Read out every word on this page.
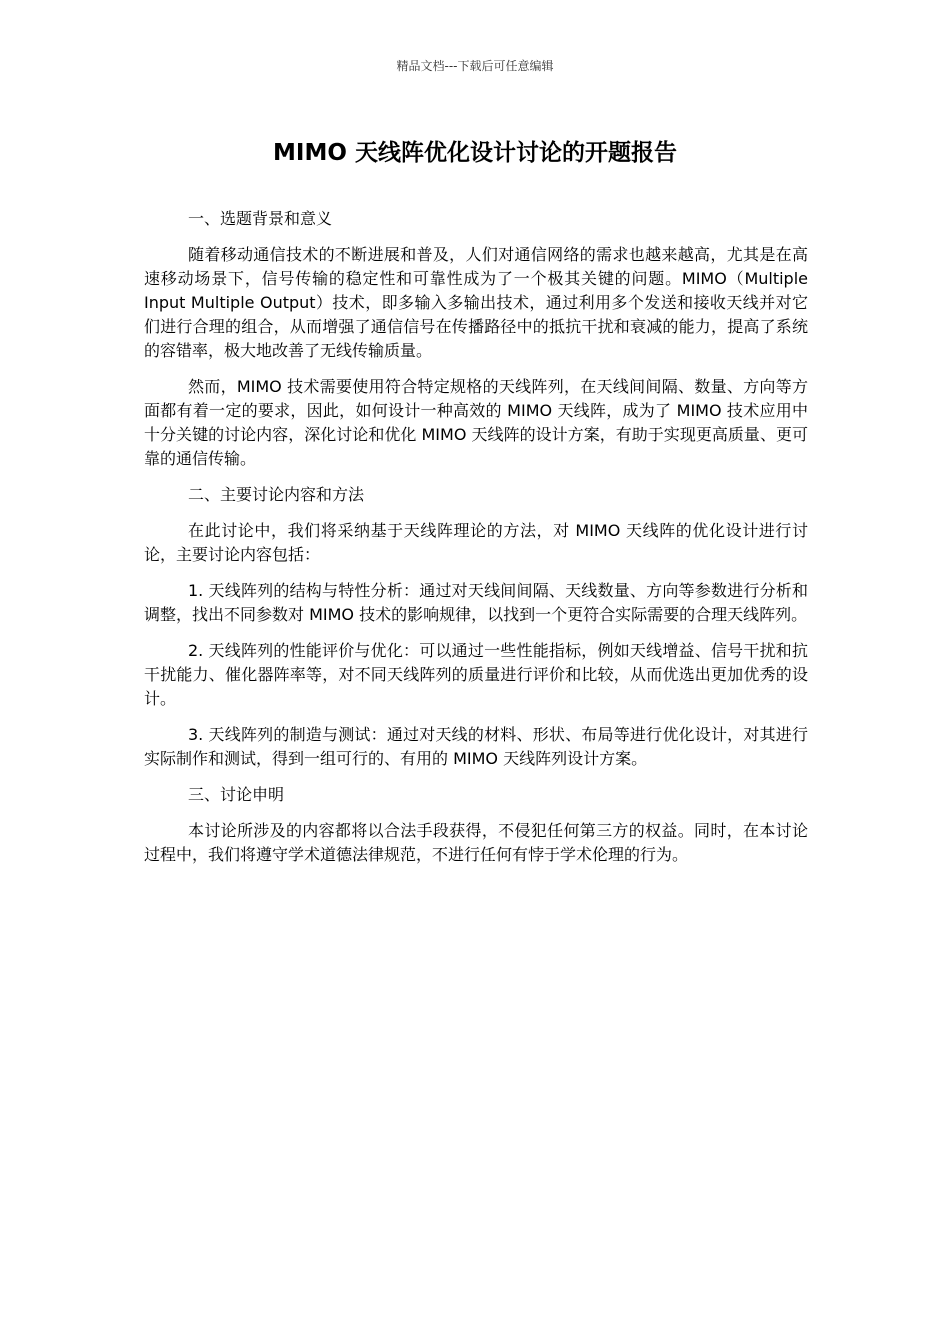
精品文档---下载后可任意编辑
MIMO 天线阵优化设计讨论的开题报告

一、选题背景和意义

随着移动通信技术的不断进展和普及，人们对通信网络的需求也越来越高，尤其是在高速移动场景下，信号传输的稳定性和可靠性成为了一个极其关键的问题。MIMO（Multiple Input Multiple Output）技术，即多输入多输出技术，通过利用多个发送和接收天线并对它们进行合理的组合，从而增强了通信信号在传播路径中的抵抗干扰和衰减的能力，提高了系统的容错率，极大地改善了无线传输质量。

然而，MIMO 技术需要使用符合特定规格的天线阵列，在天线间间隔、数量、方向等方面都有着一定的要求，因此，如何设计一种高效的 MIMO 天线阵，成为了 MIMO 技术应用中十分关键的讨论内容，深化讨论和优化 MIMO 天线阵的设计方案，有助于实现更高质量、更可靠的通信传输。

二、主要讨论内容和方法

在此讨论中，我们将采纳基于天线阵理论的方法，对 MIMO 天线阵的优化设计进行讨论，主要讨论内容包括：

1. 天线阵列的结构与特性分析：通过对天线间间隔、天线数量、方向等参数进行分析和调整，找出不同参数对 MIMO 技术的影响规律，以找到一个更符合实际需要的合理天线阵列。

2. 天线阵列的性能评价与优化：可以通过一些性能指标，例如天线增益、信号干扰和抗干扰能力、催化器阵率等，对不同天线阵列的质量进行评价和比较，从而优选出更加优秀的设计。

3. 天线阵列的制造与测试：通过对天线的材料、形状、布局等进行优化设计，对其进行实际制作和测试，得到一组可行的、有用的 MIMO 天线阵列设计方案。

三、讨论申明

本讨论所涉及的内容都将以合法手段获得，不侵犯任何第三方的权益。同时，在本讨论过程中，我们将遵守学术道德法律规范，不进行任何有悖于学术伦理的行为。
